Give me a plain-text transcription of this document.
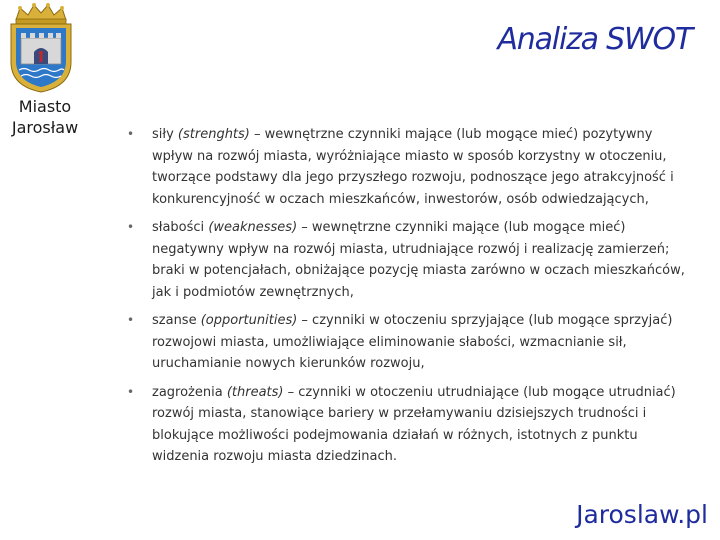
Miasto
Jarosław
Analiza SWOT
• siły (strenghts) – wewnętrzne czynniki mające (lub mogące mieć) pozytywny wpływ na rozwój miasta, wyróżniające miasto w sposób korzystny w otoczeniu, tworzące podstawy dla jego przyszłego rozwoju, podnoszące jego atrakcyjność i konkurencyjność w oczach mieszkańców, inwestorów, osób odwiedzających,
• słabości (weaknesses) – wewnętrzne czynniki mające (lub mogące mieć) negatywny wpływ na rozwój miasta, utrudniające rozwój i realizację zamierzeń; braki w potencjałach, obniżające pozycję miasta zarówno w oczach mieszkańców, jak i podmiotów zewnętrznych,
• szanse (opportunities) – czynniki w otoczeniu sprzyjające (lub mogące sprzyjać) rozwojowi miasta, umożliwiające eliminowanie słabości, wzmacnianie sił, uruchamianie nowych kierunków rozwoju,
• zagrożenia (threats) – czynniki w otoczeniu utrudniające (lub mogące utrudniać) rozwój miasta, stanowiące bariery w przełamywaniu dzisiejszych trudności i blokujące możliwości podejmowania działań w różnych, istotnych z punktu widzenia rozwoju miasta dziedzinach.
Jaroslaw.pl
